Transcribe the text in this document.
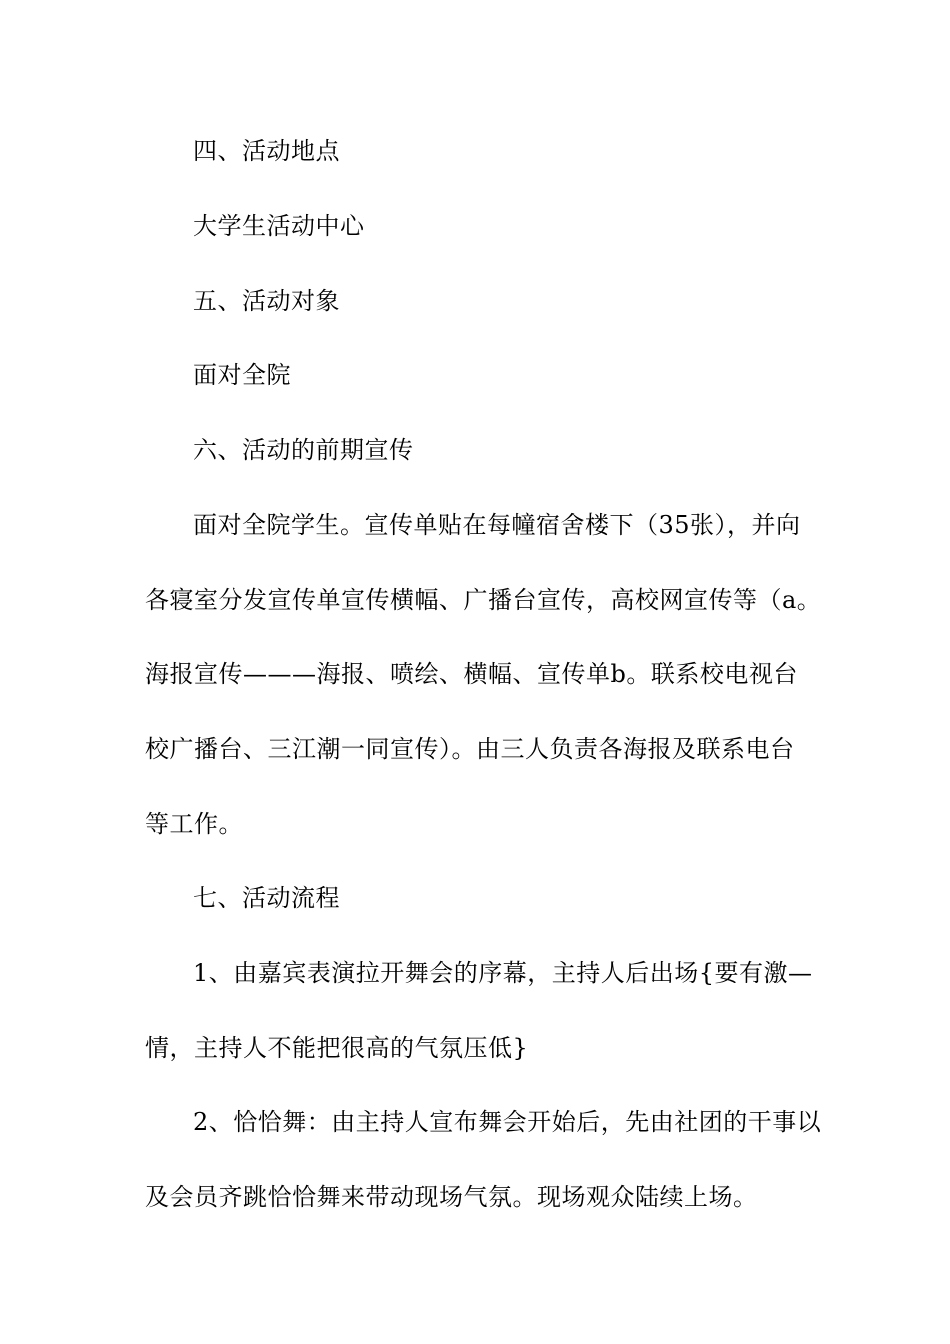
四、活动地点

大学生活动中心

五、活动对象

面对全院

六、活动的前期宣传

面对全院学生。宣传单贴在每幢宿舍楼下（35张），并向

各寝室分发宣传单宣传横幅、广播台宣传，高校网宣传等（a。

海报宣传———海报、喷绘、横幅、宣传单b。联系校电视台

校广播台、三江潮一同宣传）。由三人负责各海报及联系电台

等工作。

七、活动流程

1、由嘉宾表演拉开舞会的序幕，主持人后出场{要有激—

情，主持人不能把很高的气氛压低}

2、恰恰舞：由主持人宣布舞会开始后，先由社团的干事以

及会员齐跳恰恰舞来带动现场气氛。现场观众陆续上场。
